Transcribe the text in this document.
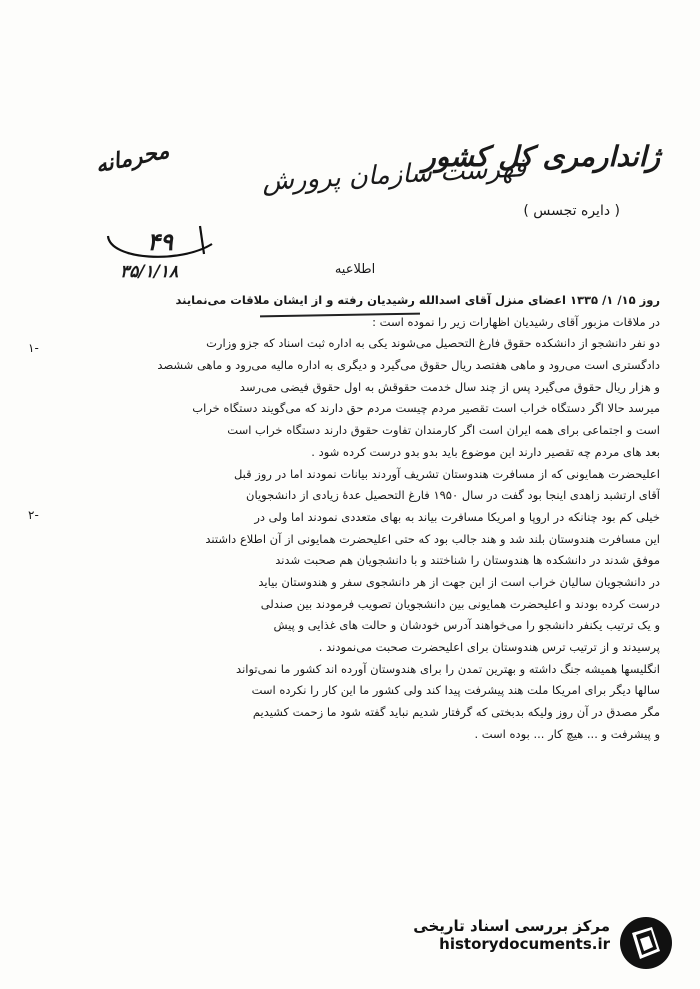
ژاندارمری کل کشور
( دایره تجسس )
فهرست سازمان پرورش
محرمانه
۴۹
۳۵/۱/۱۸	اطلاعیه
روز ۱۵/ ۱/ ۱۳۳۵ اعضای منزل آقای اسدالله رشیدیان رفته و از ایشان ملاقات می‌نمایند
در ملاقات مزبور آقای رشیدیان اظهارات زیر را نموده است :
دو نفر دانشجو از دانشکده حقوق فارغ التحصیل می‌شوند یکی به اداره ثبت اسناد که جزو وزارت
دادگستری است می‌رود و ماهی هفتصد ریال حقوق می‌گیرد و دیگری به اداره مالیه می‌رود و ماهی ششصد
و هزار ریال حقوق می‌گیرد پس از چند سال خدمت حقوقش به اول حقوق فیضی می‌رسد
میرسد حالا اگر دستگاه خراب است تقصیر مردم چیست مردم حق دارند که می‌گویند دستگاه خراب
است و اجتماعی برای همه ایران است اگر کارمندان تفاوت حقوق دارند دستگاه خراب است
بعد های مردم چه تقصیر دارند این موضوع باید بدو بدو درست کرده شود .
اعلیحضرت همایونی که از مسافرت هندوستان تشریف آوردند بیانات نمودند اما در روز قبل
آقای ارتشبد زاهدی اینجا بود گفت در سال ۱۹۵۰ فارغ التحصیل عدهٔ زیادی از دانشجویان
خیلی کم بود چنانکه در اروپا و امریکا مسافرت بیاند به بهای متعددی نمودند اما ولی در
این مسافرت هندوستان بلند شد و هند جالب بود که حتی اعلیحضرت همایونی از آن اطلاع داشتند
موفق شدند در دانشکده ها هندوستان را شناختند و با دانشجویان هم صحبت شدند
در دانشجویان سالیان خراب است از این جهت از هر دانشجوی سفر و هندوستان بیاید
درست کرده بودند و اعلیحضرت همایونی بین دانشجویان تصویب فرمودند بین صندلی
و یک ترتیب یکنفر دانشجو را می‌خواهند آدرس خودشان و حالت های غذایی و پیش
پرسیدند و از ترتیب ترس هندوستان برای اعلیحضرت صحبت می‌نمودند .
انگلیسها همیشه جنگ داشته و بهترین تمدن را برای هندوستان آورده اند کشور ما نمی‌تواند
سالها دیگر برای امریکا ملت هند پیشرفت پیدا کند ولی کشور ما این کار را نکرده است
مگر مصدق در آن روز ولیکه بدبختی که گرفتار شدیم نباید گفته شود ما زحمت کشیدیم
و پیشرفت و ... هیچ کار ... بوده است .
۱-
۲-
مرکز بررسی اسناد تاریخی
historydocuments.ir
